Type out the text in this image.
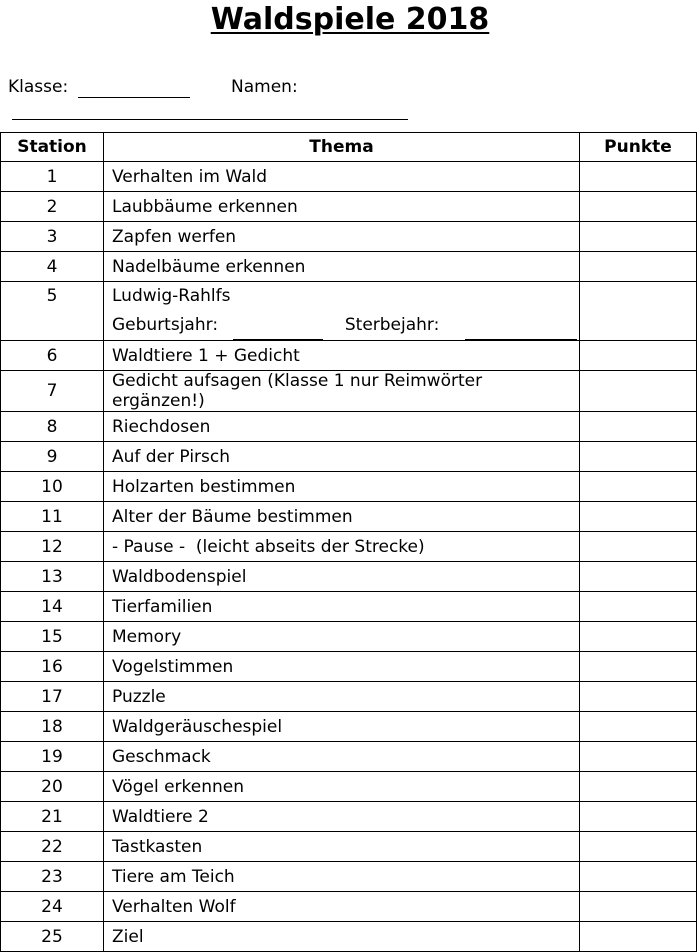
Waldspiele 2018
Klasse:	Namen:
Station	Thema	Punkte
1	Verhalten im Wald	
2	Laubbäume erkennen	
3	Zapfen werfen	
4	Nadelbäume erkennen	
5	Ludwig-Rahlfs
Geburtsjahr: Sterbejahr:	

6	Waldtiere 1 + Gedicht	
7	Gedicht aufsagen (Klasse 1 nur Reimwörter ergänzen!)	
8	Riechdosen	
9	Auf der Pirsch	
10	Holzarten bestimmen	
11	Alter der Bäume bestimmen	
12	- Pause -  (leicht abseits der Strecke)	
13	Waldbodenspiel	
14	Tierfamilien	
15	Memory	
16	Vogelstimmen	
17	Puzzle	
18	Waldgeräuschespiel	
19	Geschmack	
20	Vögel erkennen	
21	Waldtiere 2	
22	Tastkasten	
23	Tiere am Teich	
24	Verhalten Wolf	
25	Ziel	
